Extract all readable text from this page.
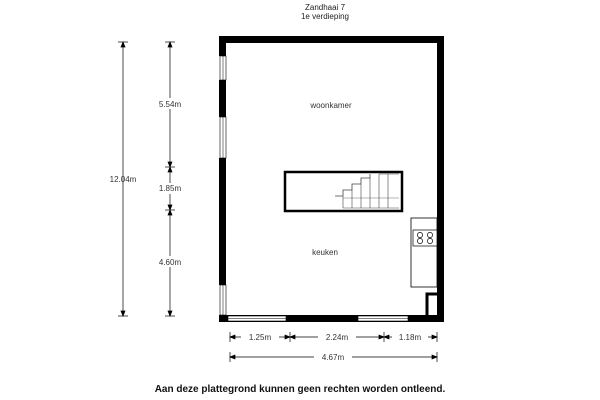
Zandhaai 7
1e verdieping
woonkamer
keuken
12.04m
5.54m
1.85m
4.60m
1.25m	2.24m	1.18m
4.67m
Aan deze plattegrond kunnen geen rechten worden ontleend.
